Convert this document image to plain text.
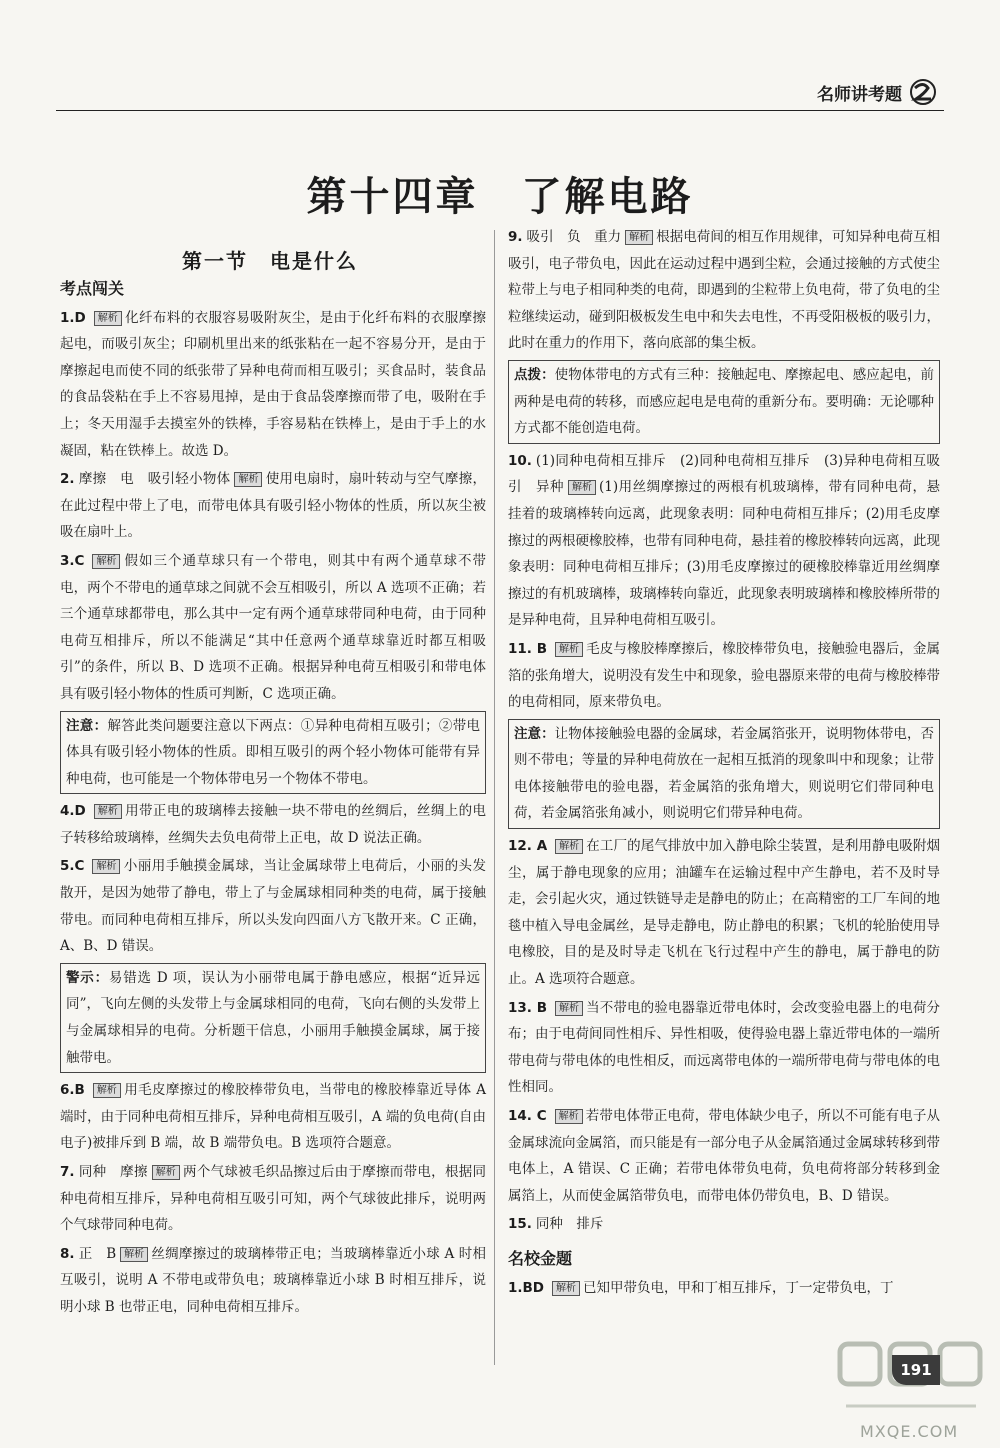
名师讲考题
第十四章　了解电路
第一节　电是什么
考点闯关
1.D 解析 化纤布料的衣服容易吸附灰尘，是由于化纤布料的衣服摩擦起电，而吸引灰尘；印刷机里出来的纸张粘在一起不容易分开，是由于摩擦起电而使不同的纸张带了异种电荷而相互吸引；买食品时，装食品的食品袋粘在手上不容易甩掉，是由于食品袋摩擦而带了电，吸附在手上；冬天用湿手去摸室外的铁棒，手容易粘在铁棒上，是由于手上的水凝固，粘在铁棒上。故选 D。
2. 摩擦　电　吸引轻小物体 解析 使用电扇时，扇叶转动与空气摩擦，在此过程中带上了电，而带电体具有吸引轻小物体的性质，所以灰尘被吸在扇叶上。
3.C 解析 假如三个通草球只有一个带电，则其中有两个通草球不带电，两个不带电的通草球之间就不会互相吸引，所以 A 选项不正确；若三个通草球都带电，那么其中一定有两个通草球带同种电荷，由于同种电荷互相排斥，所以不能满足“其中任意两个通草球靠近时都互相吸引”的条件，所以 B、D 选项不正确。根据异种电荷互相吸引和带电体具有吸引轻小物体的性质可判断，C 选项正确。
注意：解答此类问题要注意以下两点：①异种电荷相互吸引；②带电体具有吸引轻小物体的性质。即相互吸引的两个轻小物体可能带有异种电荷，也可能是一个物体带电另一个物体不带电。
4.D 解析 用带正电的玻璃棒去接触一块不带电的丝绸后，丝绸上的电子转移给玻璃棒，丝绸失去负电荷带上正电，故 D 说法正确。
5.C 解析 小丽用手触摸金属球，当让金属球带上电荷后，小丽的头发散开，是因为她带了静电，带上了与金属球相同种类的电荷，属于接触带电。而同种电荷相互排斥，所以头发向四面八方飞散开来。C 正确，A、B、D 错误。
警示：易错选 D 项，误认为小丽带电属于静电感应，根据“近异远同”，飞向左侧的头发带上与金属球相同的电荷，飞向右侧的头发带上与金属球相异的电荷。分析题干信息，小丽用手触摸金属球，属于接触带电。
6.B 解析 用毛皮摩擦过的橡胶棒带负电，当带电的橡胶棒靠近导体 A 端时，由于同种电荷相互排斥，异种电荷相互吸引，A 端的负电荷(自由电子)被排斥到 B 端，故 B 端带负电。B 选项符合题意。
7. 同种　摩擦 解析 两个气球被毛织品擦过后由于摩擦而带电，根据同种电荷相互排斥，异种电荷相互吸引可知，两个气球彼此排斥，说明两个气球带同种电荷。
8. 正　B 解析 丝绸摩擦过的玻璃棒带正电；当玻璃棒靠近小球 A 时相互吸引，说明 A 不带电或带负电；玻璃棒靠近小球 B 时相互排斥，说明小球 B 也带正电，同种电荷相互排斥。
9. 吸引　负　重力 解析 根据电荷间的相互作用规律，可知异种电荷互相吸引，电子带负电，因此在运动过程中遇到尘粒，会通过接触的方式使尘粒带上与电子相同种类的电荷，即遇到的尘粒带上负电荷，带了负电的尘粒继续运动，碰到阳极板发生电中和失去电性，不再受阳极板的吸引力，此时在重力的作用下，落向底部的集尘板。
点拨：使物体带电的方式有三种：接触起电、摩擦起电、感应起电，前两种是电荷的转移，而感应起电是电荷的重新分布。要明确：无论哪种方式都不能创造电荷。
10. (1)同种电荷相互排斥　(2)同种电荷相互排斥　(3)异种电荷相互吸引　异种 解析 (1)用丝绸摩擦过的两根有机玻璃棒，带有同种电荷，悬挂着的玻璃棒转向远离，此现象表明：同种电荷相互排斥；(2)用毛皮摩擦过的两根硬橡胶棒，也带有同种电荷，悬挂着的橡胶棒转向远离，此现象表明：同种电荷相互排斥；(3)用毛皮摩擦过的硬橡胶棒靠近用丝绸摩擦过的有机玻璃棒，玻璃棒转向靠近，此现象表明玻璃棒和橡胶棒所带的是异种电荷，且异种电荷相互吸引。
11. B 解析 毛皮与橡胶棒摩擦后，橡胶棒带负电，接触验电器后，金属箔的张角增大，说明没有发生中和现象，验电器原来带的电荷与橡胶棒带的电荷相同，原来带负电。
注意：让物体接触验电器的金属球，若金属箔张开，说明物体带电，否则不带电；等量的异种电荷放在一起相互抵消的现象叫中和现象；让带电体接触带电的验电器，若金属箔的张角增大，则说明它们带同种电荷，若金属箔张角减小，则说明它们带异种电荷。
12. A 解析 在工厂的尾气排放中加入静电除尘装置，是利用静电吸附烟尘，属于静电现象的应用；油罐车在运输过程中产生静电，若不及时导走，会引起火灾，通过铁链导走是静电的防止；在高精密的工厂车间的地毯中植入导电金属丝，是导走静电，防止静电的积累；飞机的轮胎使用导电橡胶，目的是及时导走飞机在飞行过程中产生的静电，属于静电的防止。A 选项符合题意。
13. B 解析 当不带电的验电器靠近带电体时，会改变验电器上的电荷分布；由于电荷间同性相斥、异性相吸，使得验电器上靠近带电体的一端所带电荷与带电体的电性相反，而远离带电体的一端所带电荷与带电体的电性相同。
14. C 解析 若带电体带正电荷，带电体缺少电子，所以不可能有电子从金属球流向金属箔，而只能是有一部分电子从金属箔通过金属球转移到带电体上，A 错误、C 正确；若带电体带负电荷，负电荷将部分转移到金属箔上，从而使金属箔带负电，而带电体仍带负电，B、D 错误。
15. 同种　排斥
名校金题
1.BD 解析 已知甲带负电，甲和丁相互排斥，丁一定带负电，丁
MXQE.COM
191
